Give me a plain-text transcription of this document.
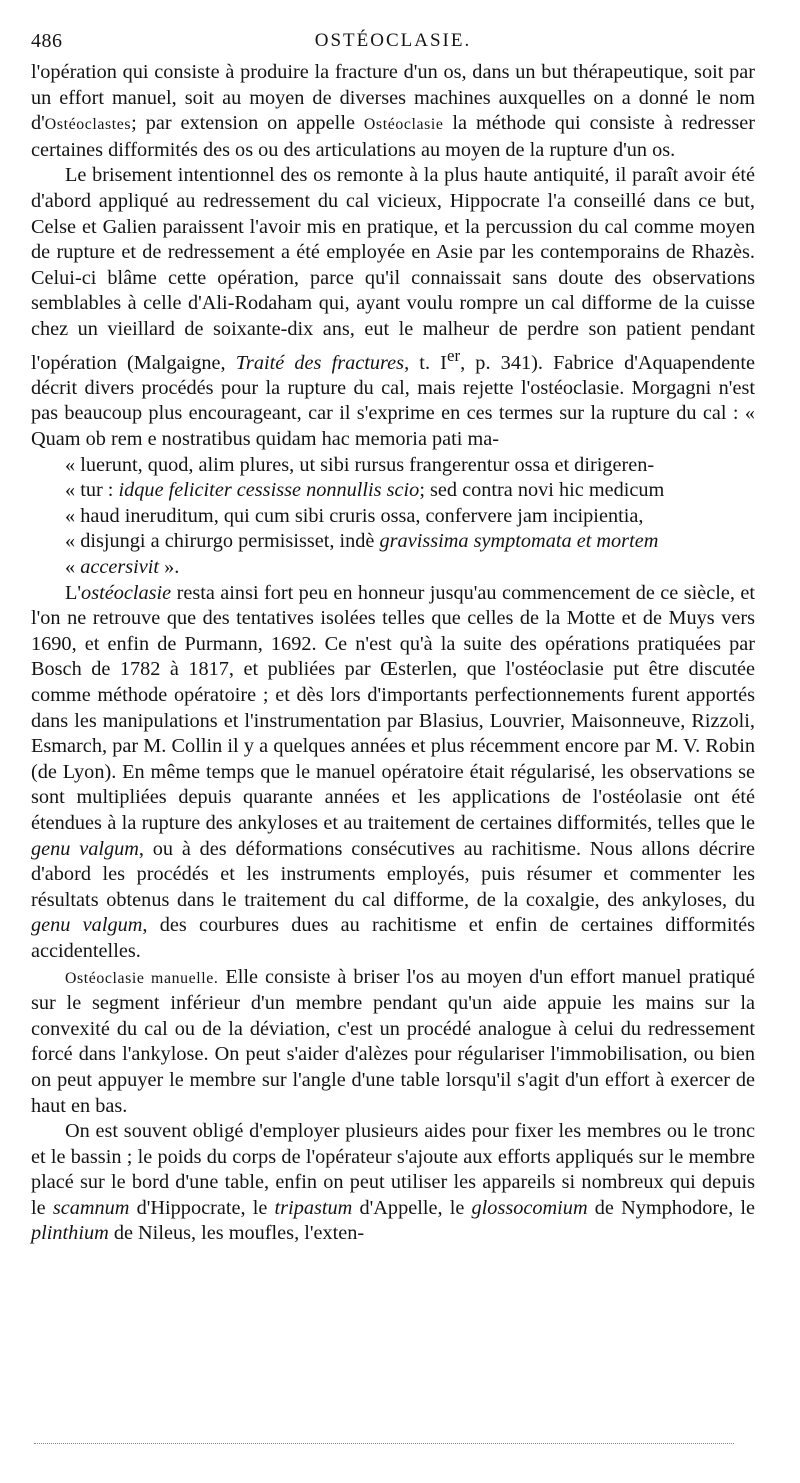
486	OSTÉOCLASIE.

l'opération qui consiste à produire la fracture d'un os, dans un but thérapeutique, soit par un effort manuel, soit au moyen de diverses machines auxquelles on a donné le nom d'Ostéoclastes; par extension on appelle Ostéoclasie la méthode qui consiste à redresser certaines difformités des os ou des articulations au moyen de la rupture d'un os.

Le brisement intentionnel des os remonte à la plus haute antiquité, il paraît avoir été d'abord appliqué au redressement du cal vicieux, Hippocrate l'a conseillé dans ce but, Celse et Galien paraissent l'avoir mis en pratique, et la percussion du cal comme moyen de rupture et de redressement a été employée en Asie par les contemporains de Rhazès. Celui-ci blâme cette opération, parce qu'il connaissait sans doute des observations semblables à celle d'Ali-Rodaham qui, ayant voulu rompre un cal difforme de la cuisse chez un vieillard de soixante-dix ans, eut le malheur de perdre son patient pendant l'opération (Malgaigne, Traité des fractures, t. Ier, p. 341). Fabrice d'Aquapendente décrit divers procédés pour la rupture du cal, mais rejette l'ostéoclasie. Morgagni n'est pas beaucoup plus encourageant, car il s'exprime en ces termes sur la rupture du cal : « Quam ob rem e nostratibus quidam hac memoria pati ma-
« luerunt, quod, alim plures, ut sibi rursus frangerentur ossa et dirigeren-
« tur : idque feliciter cessisse nonnullis scio; sed contra novi hic medicum
« haud ineruditum, qui cum sibi cruris ossa, confervere jam incipientia,
« disjungi a chirurgo permisisset, indè gravissima symptomata et mortem
« accersivit ».

L'ostéoclasie resta ainsi fort peu en honneur jusqu'au commencement de ce siècle, et l'on ne retrouve que des tentatives isolées telles que celles de la Motte et de Muys vers 1690, et enfin de Purmann, 1692. Ce n'est qu'à la suite des opérations pratiquées par Bosch de 1782 à 1817, et publiées par Œsterlen, que l'ostéoclasie put être discutée comme méthode opératoire ; et dès lors d'importants perfectionnements furent apportés dans les manipulations et l'instrumentation par Blasius, Louvrier, Maisonneuve, Rizzoli, Esmarch, par M. Collin il y a quelques années et plus récemment encore par M. V. Robin (de Lyon). En même temps que le manuel opératoire était régularisé, les observations se sont multipliées depuis quarante années et les applications de l'ostéolasie ont été étendues à la rupture des ankyloses et au traitement de certaines difformités, telles que le genu valgum, ou à des déformations consécutives au rachitisme. Nous allons décrire d'abord les procédés et les instruments employés, puis résumer et commenter les résultats obtenus dans le traitement du cal difforme, de la coxalgie, des ankyloses, du genu valgum, des courbures dues au rachitisme et enfin de certaines difformités accidentelles.

Ostéoclasie manuelle. Elle consiste à briser l'os au moyen d'un effort manuel pratiqué sur le segment inférieur d'un membre pendant qu'un aide appuie les mains sur la convexité du cal ou de la déviation, c'est un procédé analogue à celui du redressement forcé dans l'ankylose. On peut s'aider d'alèzes pour régulariser l'immobilisation, ou bien on peut appuyer le membre sur l'angle d'une table lorsqu'il s'agit d'un effort à exercer de haut en bas.

On est souvent obligé d'employer plusieurs aides pour fixer les membres ou le tronc et le bassin ; le poids du corps de l'opérateur s'ajoute aux efforts appliqués sur le membre placé sur le bord d'une table, enfin on peut utiliser les appareils si nombreux qui depuis le scamnum d'Hippocrate, le tripastum d'Appelle, le glossocomium de Nymphodore, le plinthium de Nileus, les moufles, l'exten-
